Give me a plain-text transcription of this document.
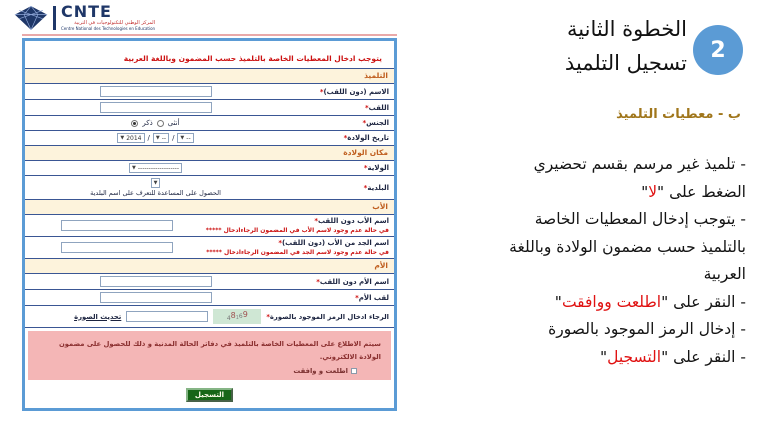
CNTE
المركز الوطني للتكنولوجيات في التربية
Centre National des Technologies en Education
يتوجب ادخال المعطيات الخاصة بالتلميذ حسب المضمون وباللغة العربية
التلميذ
الاسم (دون اللقب)*
اللقب*
الجنس*
ذكر أنثى
تاريخ الولادة*
▼ 2014 / ▼ -- / ▼ --
مكان الولادة
الولاية*
▼ -------------------
البلدية*
▼
الحصول على المساعدة للتعرف على اسم البلدية
الأب
اسم الأب دون اللقب*
في حالة عدم وجود لاسم الأب في المضمون الرجاءادخال *****
اسم الجد من الأب (دون اللقب)*
في حالة عدم وجود لاسم الجد في المضمون الرجاءادخال *****
الأم
اسم الأم دون اللقب*
لقب الأم*
الرجاء ادخال الرمز الموجود بالصورة*
9
6
1
8
4
تحديث الصورة
سيتم الاطلاع على المعطيات الخاصة بالتلميذ في دفاتر الحالة المدنية و ذلك للحصول على مضمون الولادة الالكتروني.
اطلعت و وافقت
التسجيل
2
الخطوة الثانية
تسجيل التلميذ
ب - معطيات التلميذ
- تلميذ غير مرسم بقسم تحضيري
الضغط على "لا"
- يتوجب إدخال المعطيات الخاصة
بالتلميذ حسب مضمون الولادة وباللغة
العربية
- النقر على "اطلعت ووافقت"
- إدخال الرمز الموجود بالصورة
- النقر على "التسجيل"
